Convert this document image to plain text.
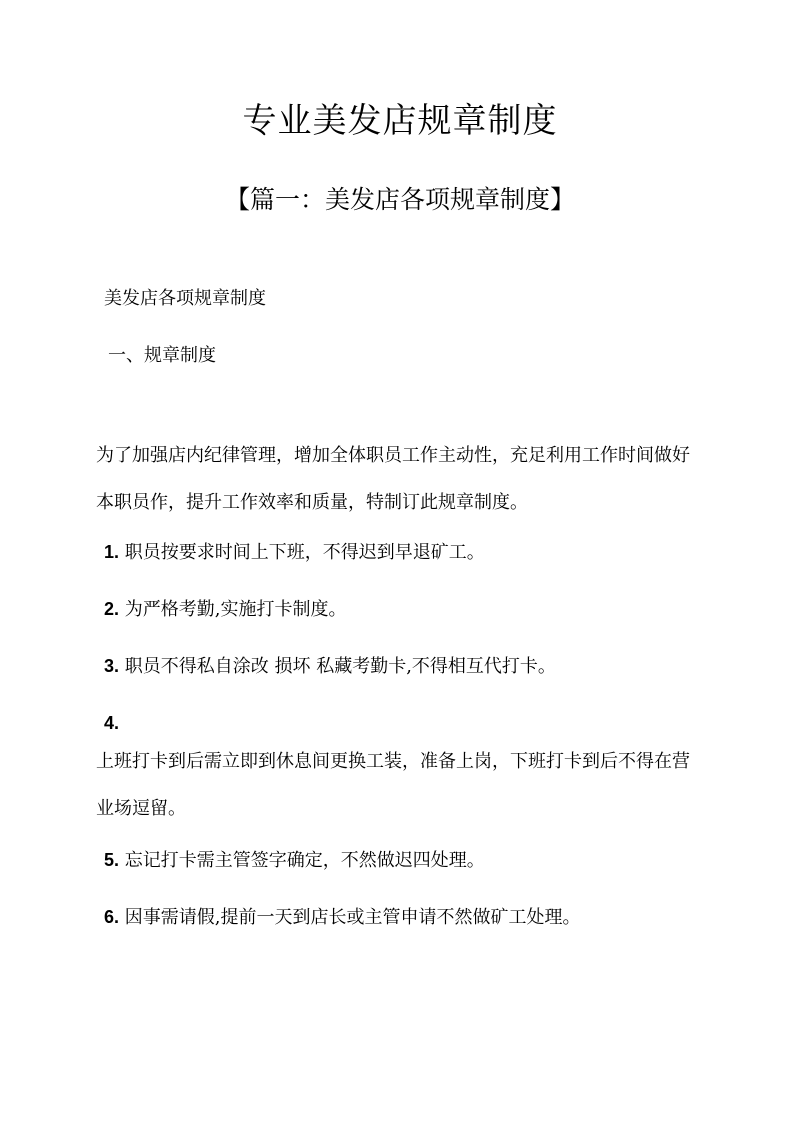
专业美发店规章制度
【篇一：美发店各项规章制度】
美发店各项规章制度
一、规章制度

为了加强店内纪律管理，增加全体职员工作主动性，充足利用工作时间做好本职员作，提升工作效率和质量，特制订此规章制度。

1. 职员按要求时间上下班，不得迟到早退矿工。
2. 为严格考勤,实施打卡制度。
3. 职员不得私自涂改 损坏 私藏考勤卡,不得相互代打卡。
4.
上班打卡到后需立即到休息间更换工装，准备上岗，下班打卡到后不得在营业场逗留。
5. 忘记打卡需主管签字确定，不然做迟四处理。
6. 因事需请假,提前一天到店长或主管申请不然做矿工处理。
